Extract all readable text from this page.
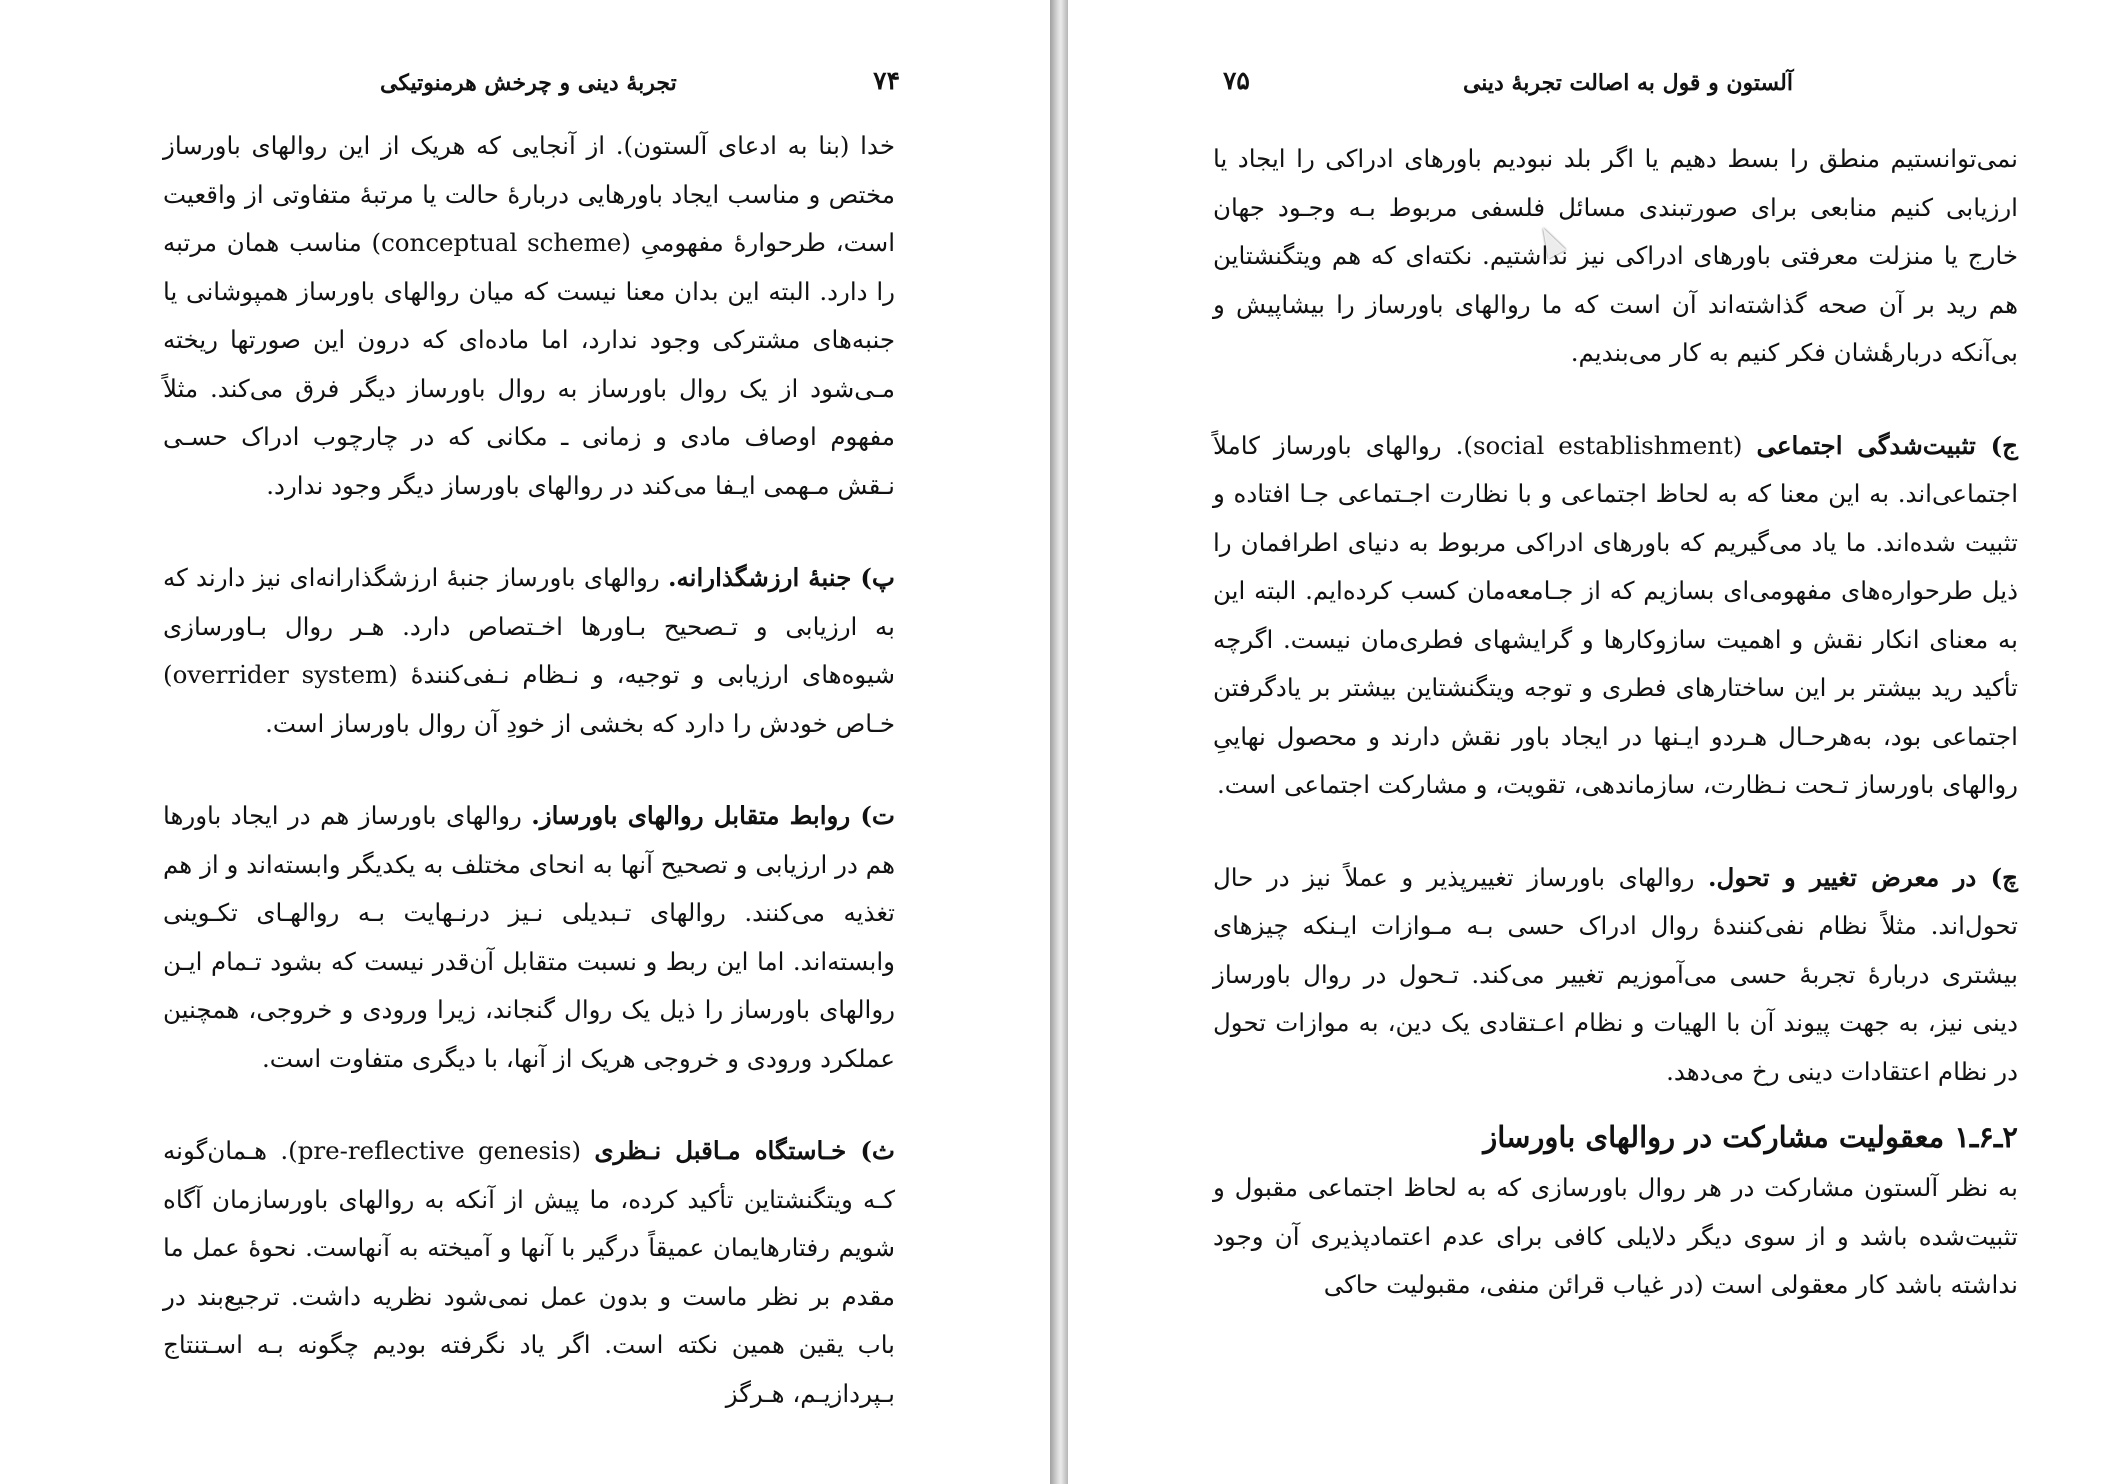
۷۴
تجربهٔ دینی و چرخش هرمنوتیکی

خدا (بنا به ادعای آلستون). از آنجایی که هریک از این روالهای باورساز مختص و مناسب ایجاد باورهایی دربارهٔ حالت یا مرتبهٔ متفاوتی از واقعیت است، طرحوارهٔ مفهومیِ (conceptual scheme) مناسب همان مرتبه را دارد. البته این بدان معنا نیست که میان روالهای باورساز همپوشانی یا جنبه‌های مشترکی وجود ندارد، اما ماده‌ای که درون این صورتها ریخته مـی‌شود از یک روال باورساز به روال باورساز دیگر فرق می‌کند. مثلاً مفهوم اوصاف مادی و زمانی ـ مکانی که در چارچوب ادراک حسـی نـقش مـهمی ایـفا می‌کند در روالهای باورساز دیگر وجود ندارد.

پ) جنبهٔ ارزشگذارانه. روالهای باورساز جنبهٔ ارزشگذارانه‌ای نیز دارند که به ارزیابی و تـصحیح بـاورها اخـتصاص دارد. هـر روال بـاورسازی شیوه‌های ارزیابی و توجیه، و نـظام نـفی‌کنندهٔ (overrider system) خـاص خودش را دارد که بخشی از خودِ آن روال باورساز است.

ت) روابط متقابل روالهای باورساز. روالهای باورساز هم در ایجاد باورها هم در ارزیابی و تصحیح آنها به انحای مختلف به یکدیگر وابسته‌اند و از هم تغذیه می‌کنند. روالهای تـبدیلی نـیز درنـهایت بـه روالهـای تکـوینی وابسته‌اند. اما این ربط و نسبت متقابل آن‌قدر نیست که بشود تـمام ایـن روالهای باورساز را ذیل یک روال گنجاند، زیرا ورودی و خروجی، همچنین عملکرد ورودی و خروجی هریک از آنها، با دیگری متفاوت است.

ث) خـاستگاه مـاقبل نـظری (pre-reflective genesis). هـمان‌گونه کـه ویتگنشتاین تأکید کرده، ما پیش از آنکه به روالهای باورسازمان آگاه شویم رفتارهایمان عمیقاً درگیر با آنها و آمیخته به آنهاست. نحوهٔ عمل ما مقدم بر نظر ماست و بدون عمل نمی‌شود نظریه داشت. ترجیع‌بند در باب یقین همین نکته است. اگر یاد نگرفته بودیم چگونه بـه اسـتنتاج بـپردازیـم، هـرگز

۷۵	آلستون و قول به اصالت تجربهٔ دینی

نمی‌توانستیم منطق را بسط دهیم یا اگر بلد نبودیم باورهای ادراکی را ایجاد یا ارزیابی کنیم منابعی برای صورتبندی مسائل فلسفی مربوط بـه وجـود جهان خارج یا منزلت معرفتی باورهای ادراکی نیز نداشتیم. نکته‌ای که هم ویتگنشتاین هم رید بر آن صحه گذاشته‌اند آن است که ما روالهای باورساز را بیشاپیش و بی‌آنکه دربارهٔشان فکر کنیم به کار می‌بندیم.

ج) تثبیت‌شدگی اجتماعی (social establishment). روالهای باورساز کاملاً اجتماعی‌اند. به این معنا که به لحاظ اجتماعی و با نظارت اجـتماعی جـا افتاده و تثبیت شده‌اند. ما یاد می‌گیریم که باورهای ادراکی مربوط به دنیای اطرافمان را ذیل طرحواره‌های مفهومی‌ای بسازیم که از جـامعه‌مان کسب کرده‌ایم. البته این به معنای انکار نقش و اهمیت سازوکارها و گرایشهای فطری‌مان نیست. اگرچه تأکید رید بیشتر بر این ساختارهای فطری و توجه ویتگنشتاین بیشتر بر یادگرفتن اجتماعی بود، به‌هرحـال هـردو ایـنها در ایجاد باور نقش دارند و محصول نهاییِ روالهای باورساز تـحت نـظارت، سازماندهی، تقویت، و مشارکت اجتماعی است.

چ) در معرض تغییر و تحول. روالهای باورساز تغییرپذیر و عملاً نیز در حال تحول‌اند. مثلاً نظام نفی‌کنندهٔ روال ادراک حسی بـه مـوازات ایـنکه چیزهای بیشتری دربارهٔ تجربهٔ حسی می‌آموزیم تغییر می‌کند. تـحول در روال باورساز دینی نیز، به جهت پیوند آن با الهیات و نظام اعـتقادی یک دین، به موازات تحول در نظام اعتقادات دینی رخ می‌دهد.

۲ـ۶ـ۱ معقولیت مشارکت در روالهای باورساز

به نظر آلستون مشارکت در هر روال باورسازی که به لحاظ اجتماعی مقبول و تثبیت‌شده باشد و از سوی دیگر دلایلی کافی برای عدم اعتمادپذیری آن وجود نداشته باشد کار معقولی است (در غیاب قرائن منفی، مقبولیت حاکی
